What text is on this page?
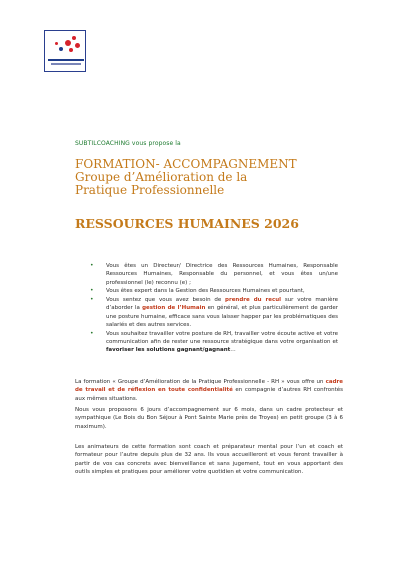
SUBTILCOACHING vous propose la
FORMATION- ACCOMPAGNEMENT
Groupe d’Amélioration de la
Pratique Professionnelle
RESSOURCES HUMAINES 2026
• Vous êtes un Directeur/ Directrice des Ressources Humaines, Responsable Ressources Humaines, Responsable du personnel, et vous êtes un/une professionnel (le) reconnu (e) ;
• Vous êtes expert dans la Gestion des Ressources Humaines et pourtant,
• Vous sentez que vous avez besoin de prendre du recul sur votre manière d’aborder la gestion de l’Humain en général, et plus particulièrement de garder une posture humaine, efficace sans vous laisser happer par les problématiques des salariés et des autres services.
• Vous souhaitez travailler votre posture de RH, travailler votre écoute active et votre communication afin de rester une ressource stratégique dans votre organisation et favoriser les solutions gagnant/gagnant…

La formation « Groupe d’Amélioration de la Pratique Professionnelle - RH » vous offre un cadre de travail et de réflexion en toute confidentialité en compagnie d’autres RH confrontés aux mêmes situations.

Nous vous proposons 6 jours d’accompagnement sur 6 mois, dans un cadre protecteur et sympathique (Le Bois du Bon Séjour à Pont Sainte Marie près de Troyes) en petit groupe (3 à 6 maximum).

Les animateurs de cette formation sont coach et préparateur mental pour l’un et coach et formateur pour l’autre depuis plus de 32 ans. Ils vous accueilleront et vous feront travailler à partir de vos cas concrets avec bienveillance et sans jugement, tout en vous apportant des outils simples et pratiques pour améliorer votre quotidien et votre communication.
